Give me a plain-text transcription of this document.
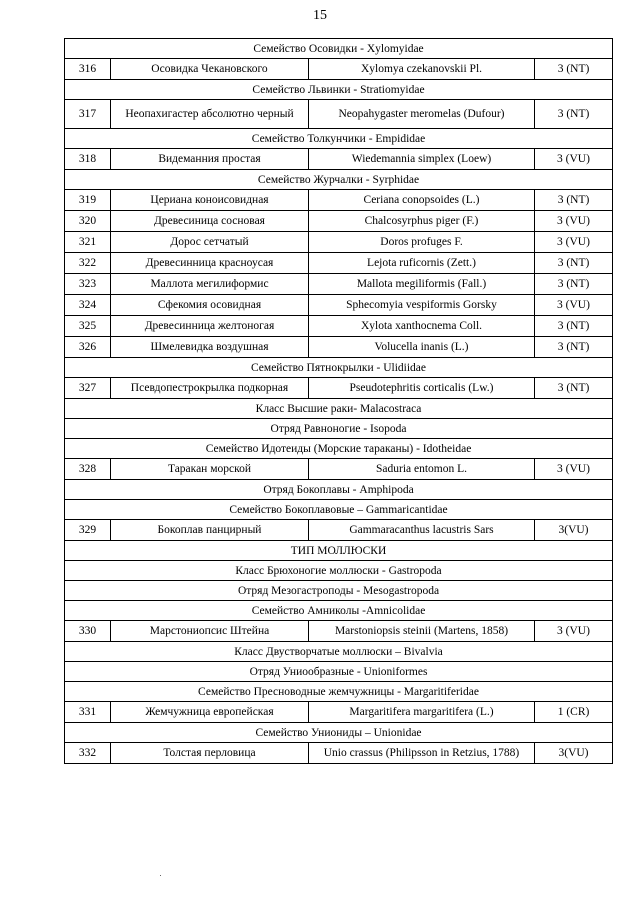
15
Семейство Осовидки - Xylomyidae			
316	Осовидка Чекановского	Xylomya czekanovskii Pl.	3 (NT)
Семейство Львинки - Stratiomyidae			
317	Неопахигастер абсолютно черный	Neopahygaster meromelas (Dufour)	3 (NT)
Семейство Толкунчики - Empididae			
318	Видеманния простая	Wiedemannia simplex (Loew)	3 (VU)
Семейство Журчалки - Syrphidae			
319	Цериана коноисовидная	Ceriana conopsoides (L.)	3 (NT)
320	Древесиница сосновая	Chalcosyrphus piger (F.)	3 (VU)
321	Дорос сетчатый	Doros profuges F.	3 (VU)
322	Древесинница красноусая	Lejota ruficornis (Zett.)	3 (NT)
323	Маллота мегилиформис	Mallota megiliformis (Fall.)	3 (NT)
324	Сфекомия осовидная	Sphecomyia vespiformis Gorsky	3 (VU)
325	Древесинница желтоногая	Xylota xanthocnema Coll.	3 (NT)
326	Шмелевидка воздушная	Volucella inanis (L.)	3 (NT)
Семейство Пятнокрылки - Ulidiidae			
327	Псевдопестрокрылка подкорная	Pseudotephritis corticalis (Lw.)	3 (NT)
Класс Высшие раки- Malacostraca			
Отряд Равноногие - Isopoda			
Семейство Идотеиды (Морские тараканы) - Idotheidae			
328	Таракан морской	Saduria entomon L.	3 (VU)
Отряд Бокоплавы - Amphipoda			
Семейство Бокоплавовые – Gammaricantidae			
329	Бокоплав панцирный	Gammaracanthus lacustris Sars	3(VU)
ТИП МОЛЛЮСКИ			
Класс Брюхоногие моллюски - Gastropoda			
Отряд Мезогастроподы - Mesogastropoda			
Семейство Амниколы -Amnicolidae			
330	Марстониопсис Штейна	Marstoniopsis steinii (Martens, 1858)	3 (VU)
Класс Двустворчатые моллюски – Bivalvia			
Отряд Униообразные - Unioniformes			
Семейство Пресноводные жемчужницы - Margaritiferidae			
331	Жемчужница европейская	Margaritifera margaritifera (L.)	1 (CR)
Семейство Униониды – Unionidae			
332	Толстая перловица	Unio crassus (Philipsson in Retzius, 1788)	3(VU)
